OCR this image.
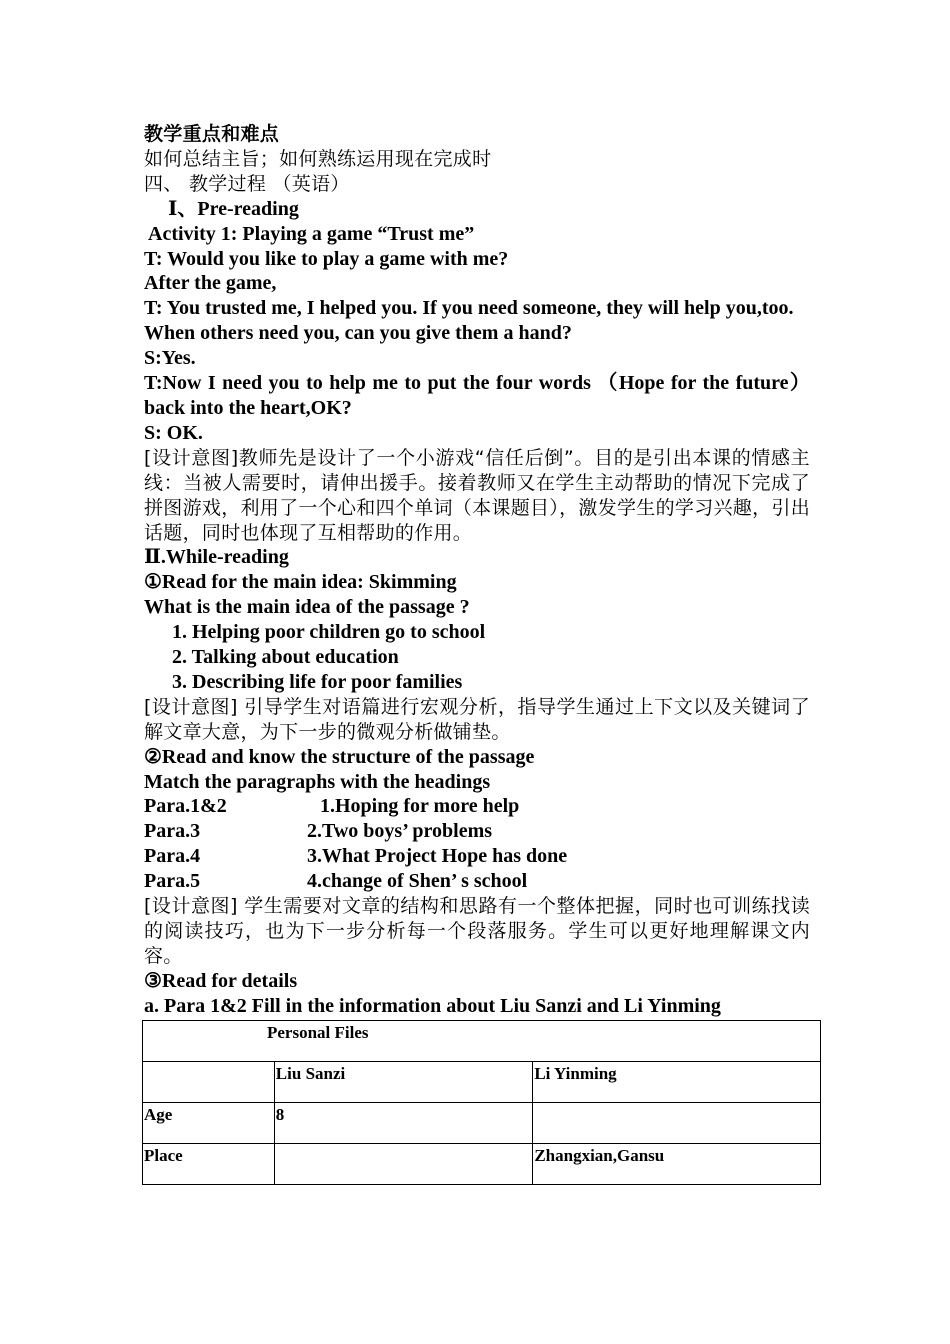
教学重点和难点
如何总结主旨；如何熟练运用现在完成时
四、 教学过程 （英语）
Ⅰ、Pre-reading
Activity 1: Playing a game “Trust me”
T: Would you like to play a game with me?
After the game,
T: You trusted me, I helped you. If you need someone, they will help you,too. When others need you, can you give them a hand?
S:Yes.
T:Now I need you to help me to put the four words （Hope for the future）back into the heart,OK?
S: OK.
[设计意图]教师先是设计了一个小游戏“信任后倒”。目的是引出本课的情感主线：当被人需要时，请伸出援手。接着教师又在学生主动帮助的情况下完成了拼图游戏，利用了一个心和四个单词（本课题目），激发学生的学习兴趣，引出话题，同时也体现了互相帮助的作用。
Ⅱ.While-reading
①Read for the main idea: Skimming
What is the main idea of the passage ?
1. Helping poor children go to school
2. Talking about education
3. Describing life for poor families
[设计意图] 引导学生对语篇进行宏观分析，指导学生通过上下文以及关键词了解文章大意，为下一步的微观分析做铺垫。
②Read and know the structure of the passage
Match the paragraphs with the headings
Para.1&2	1.Hoping for more help
Para.3	2.Two boys’ problems
Para.4	3.What Project Hope has done
Para.5	4.change of Shen’ s school
[设计意图] 学生需要对文章的结构和思路有一个整体把握，同时也可训练找读的阅读技巧，也为下一步分析每一个段落服务。学生可以更好地理解课文内容。
③Read for details
a. Para 1&2 Fill in the information about Liu Sanzi and Li Yinming
Personal Files		
	Liu Sanzi	Li Yinming
Age	8	
Place		Zhangxian,Gansu
